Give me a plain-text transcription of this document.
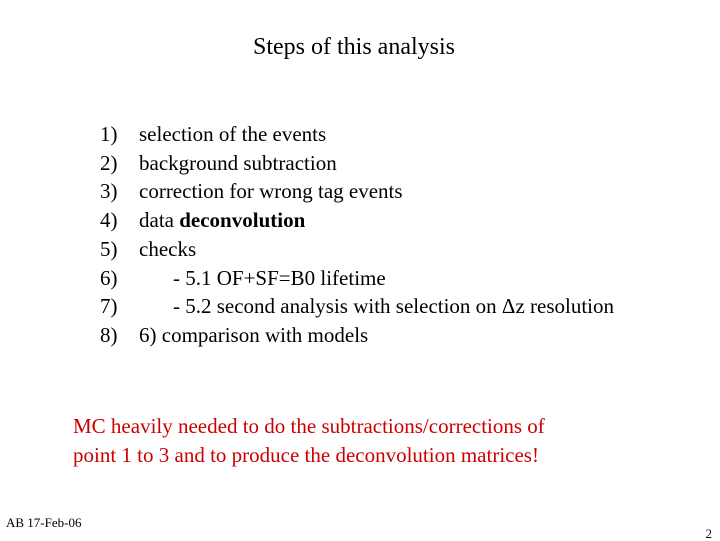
Steps of this analysis
1)	selection of the events
2)	background subtraction
3)	correction for wrong tag events
4)	data deconvolution
5)	checks
6)	- 5.1 OF+SF=B0 lifetime
7)	- 5.2 second analysis with selection on Δz resolution
8)	6) comparison with models
MC heavily needed to do the subtractions/corrections of
point 1 to 3 and to produce the deconvolution matrices!
AB 17-Feb-06
2
